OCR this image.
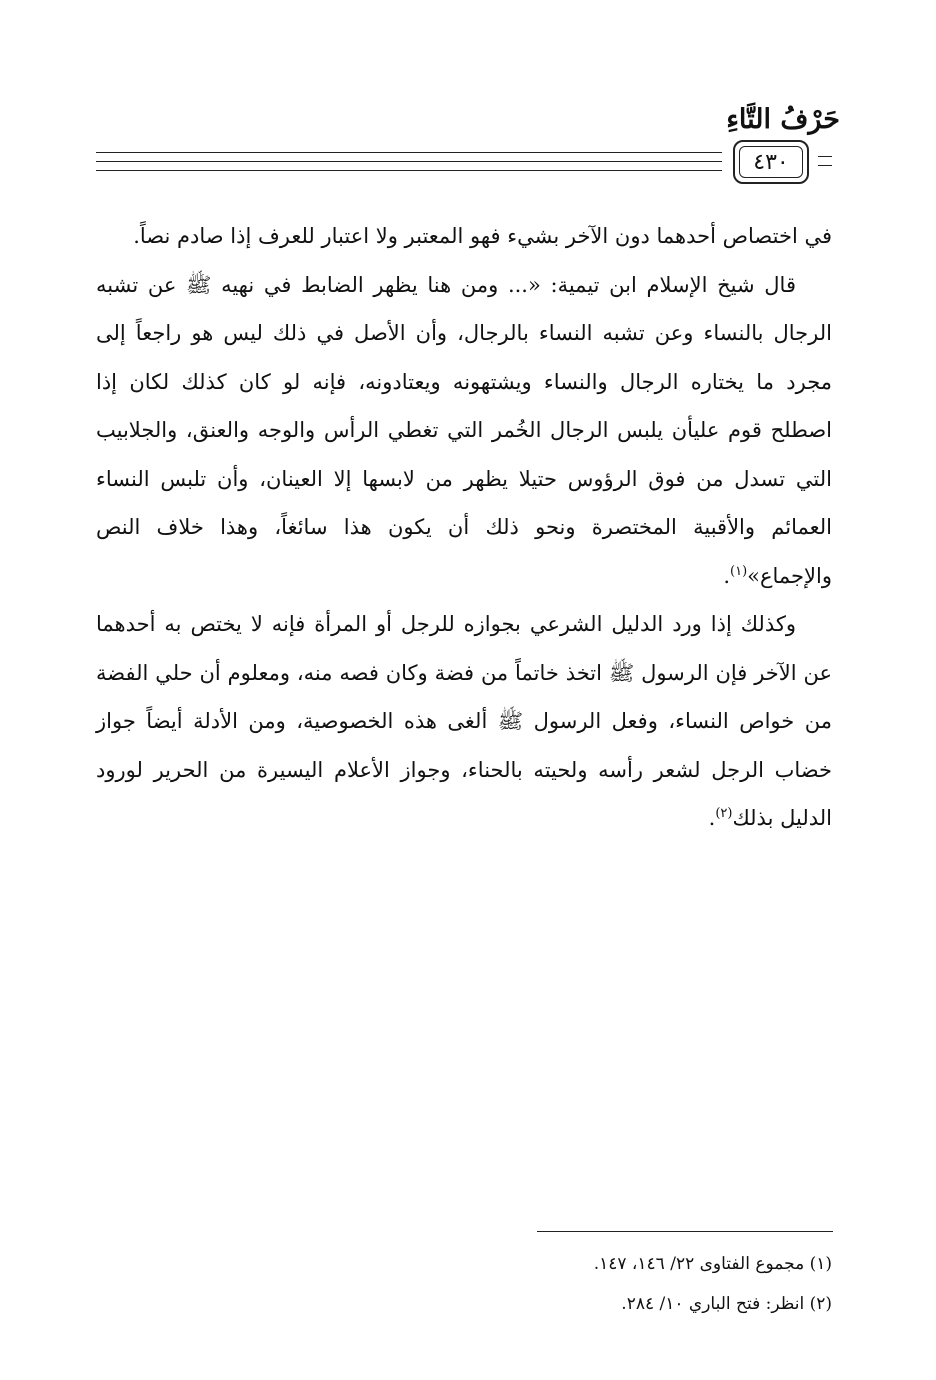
حَرْفُ التَّاءِ
٤٣٠

في اختصاص أحدهما دون الآخر بشيء فهو المعتبر ولا اعتبار للعرف إذا صادم نصاً.

قال شيخ الإسلام ابن تيمية: «... ومن هنا يظهر الضابط في نهيه ﷺ عن تشبه الرجال بالنساء وعن تشبه النساء بالرجال، وأن الأصل في ذلك ليس هو راجعاً إلى مجرد ما يختاره الرجال والنساء ويشتهونه ويعتادونه، فإنه لو كان كذلك لكان إذا اصطلح قوم عليأن يلبس الرجال الخُمر التي تغطي الرأس والوجه والعنق، والجلابيب التي تسدل من فوق الرؤوس حتيلا يظهر من لابسها إلا العينان، وأن تلبس النساء العمائم والأقبية المختصرة ونحو ذلك أن يكون هذا سائغاً، وهذا خلاف النص والإجماع»$^{(١)}$.

وكذلك إذا ورد الدليل الشرعي بجوازه للرجل أو المرأة فإنه لا يختص به أحدهما عن الآخر فإن الرسول ﷺ اتخذ خاتماً من فضة وكان فصه منه، ومعلوم أن حلي الفضة من خواص النساء، وفعل الرسول ﷺ ألغى هذه الخصوصية، ومن الأدلة أيضاً جواز خضاب الرجل لشعر رأسه ولحيته بالحناء، وجواز الأعلام اليسيرة من الحرير لورود الدليل بذلك$^{(٢)}$.

(١) مجموع الفتاوى ٢٢/ ١٤٦، ١٤٧.
(٢) انظر: فتح الباري ١٠/ ٢٨٤.
